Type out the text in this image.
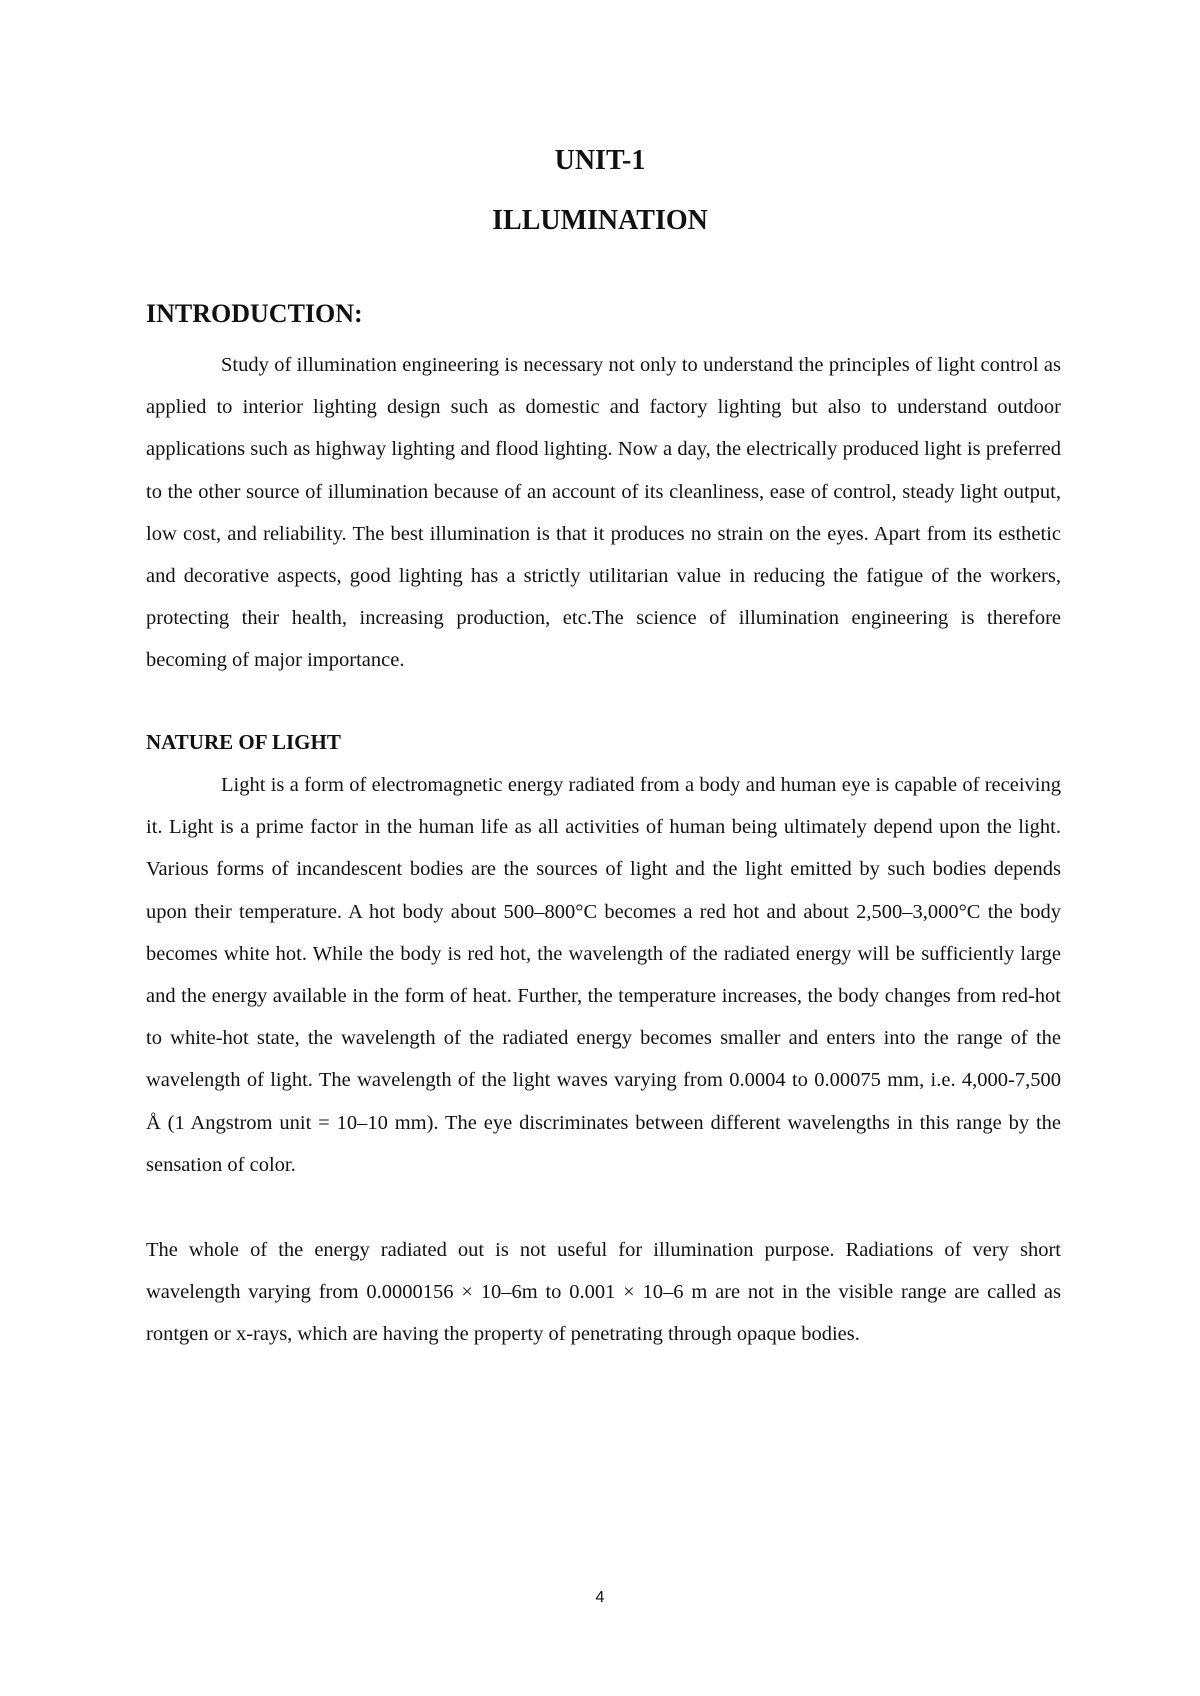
UNIT-1
ILLUMINATION
INTRODUCTION:

Study of illumination engineering is necessary not only to understand the principles of light control as applied to interior lighting design such as domestic and factory lighting but also to understand outdoor applications such as highway lighting and flood lighting. Now a day, the electrically produced light is preferred to the other source of illumination because of an account of its cleanliness, ease of control, steady light output, low cost, and reliability. The best illumination is that it produces no strain on the eyes. Apart from its esthetic and decorative aspects, good lighting has a strictly utilitarian value in reducing the fatigue of the workers, protecting their health, increasing production, etc.The science of illumination engineering is therefore becoming of major importance.

NATURE OF LIGHT

Light is a form of electromagnetic energy radiated from a body and human eye is capable of receiving it. Light is a prime factor in the human life as all activities of human being ultimately depend upon the light. Various forms of incandescent bodies are the sources of light and the light emitted by such bodies depends upon their temperature. A hot body about 500–800°C becomes a red hot and about 2,500–3,000°C the body becomes white hot. While the body is red hot, the wavelength of the radiated energy will be sufficiently large and the energy available in the form of heat. Further, the temperature increases, the body changes from red-hot to white-hot state, the wavelength of the radiated energy becomes smaller and enters into the range of the wavelength of light. The wavelength of the light waves varying from 0.0004 to 0.00075 mm, i.e. 4,000-7,500 Å (1 Angstrom unit = 10–10 mm). The eye discriminates between different wavelengths in this range by the sensation of color.

The whole of the energy radiated out is not useful for illumination purpose. Radiations of very short wavelength varying from 0.0000156 × 10–6m to 0.001 × 10–6 m are not in the visible range are called as rontgen or x-rays, which are having the property of penetrating through opaque bodies.

4
